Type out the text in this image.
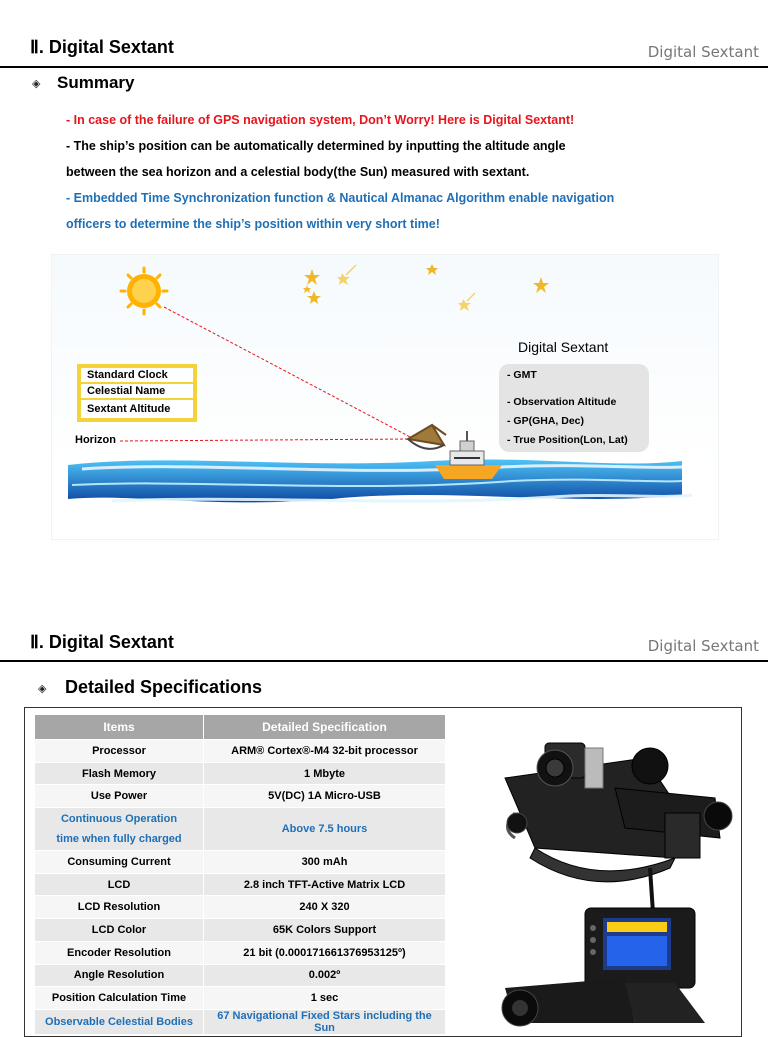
Ⅱ. Digital Sextant	Digital Sextant
◈ Summary
- In case of the failure of GPS navigation system, Don’t Worry! Here is Digital Sextant!
- The ship’s position can be automatically determined by inputting the altitude angle
between the sea horizon and a celestial body(the Sun) measured with sextant.
- Embedded Time Synchronization function & Nautical Almanac Algorithm enable navigation
officers to determine the ship’s position within very short time!
Standard Clock
Celestial Name
Sextant Altitude
Horizon
Digital Sextant
- GMT
- Observation Altitude
- GP(GHA, Dec)
- True Position(Lon, Lat)
Ⅱ. Digital Sextant	Digital Sextant
◈ Detailed Specifications
Items	Detailed Specification
Processor	ARM® Cortex®-M4 32-bit processor
Flash Memory	1 Mbyte
Use Power	5V(DC) 1A Micro-USB
Continuous Operation time when fully charged	Above 7.5 hours
Consuming Current	300 mAh
LCD	2.8 inch TFT-Active Matrix LCD
LCD Resolution	240 X 320
LCD Color	65K Colors Support
Encoder Resolution	21 bit (0.000171661376953125º)
Angle Resolution	0.002º
Position Calculation Time	1 sec
Observable Celestial Bodies	67 Navigational Fixed Stars including the Sun
